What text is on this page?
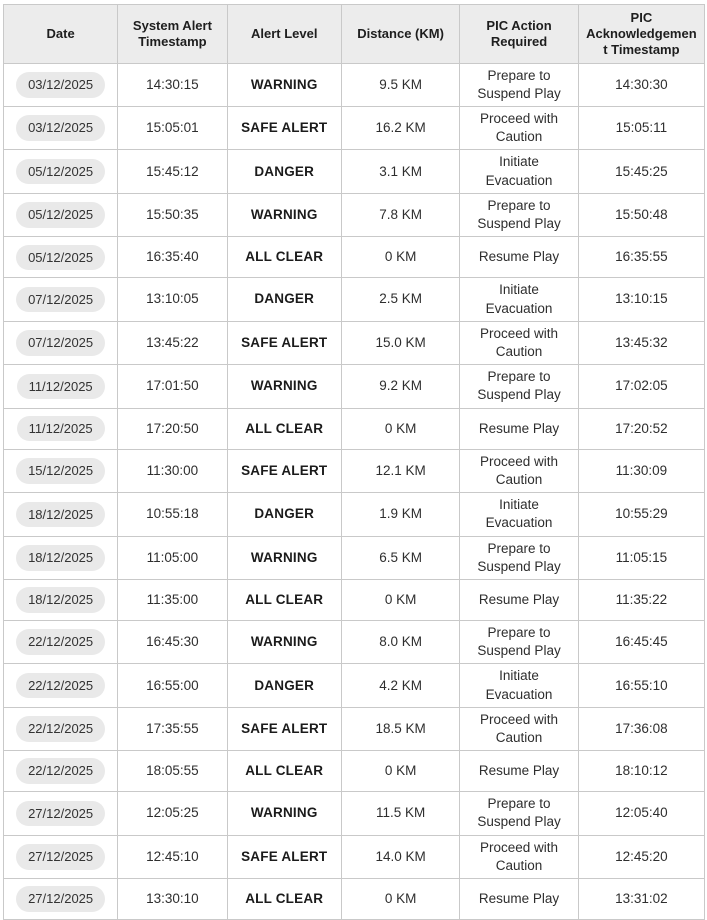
Date	System Alert Timestamp	Alert Level	Distance (KM)	PIC Action Required	PIC Acknowledgement Timestamp
03/12/2025	14:30:15	WARNING	9.5 KM	Prepare to Suspend Play	14:30:30
03/12/2025	15:05:01	SAFE ALERT	16.2 KM	Proceed with Caution	15:05:11
05/12/2025	15:45:12	DANGER	3.1 KM	Initiate Evacuation	15:45:25
05/12/2025	15:50:35	WARNING	7.8 KM	Prepare to Suspend Play	15:50:48
05/12/2025	16:35:40	ALL CLEAR	0 KM	Resume Play	16:35:55
07/12/2025	13:10:05	DANGER	2.5 KM	Initiate Evacuation	13:10:15
07/12/2025	13:45:22	SAFE ALERT	15.0 KM	Proceed with Caution	13:45:32
11/12/2025	17:01:50	WARNING	9.2 KM	Prepare to Suspend Play	17:02:05
11/12/2025	17:20:50	ALL CLEAR	0 KM	Resume Play	17:20:52
15/12/2025	11:30:00	SAFE ALERT	12.1 KM	Proceed with Caution	11:30:09
18/12/2025	10:55:18	DANGER	1.9 KM	Initiate Evacuation	10:55:29
18/12/2025	11:05:00	WARNING	6.5 KM	Prepare to Suspend Play	11:05:15
18/12/2025	11:35:00	ALL CLEAR	0 KM	Resume Play	11:35:22
22/12/2025	16:45:30	WARNING	8.0 KM	Prepare to Suspend Play	16:45:45
22/12/2025	16:55:00	DANGER	4.2 KM	Initiate Evacuation	16:55:10
22/12/2025	17:35:55	SAFE ALERT	18.5 KM	Proceed with Caution	17:36:08
22/12/2025	18:05:55	ALL CLEAR	0 KM	Resume Play	18:10:12
27/12/2025	12:05:25	WARNING	11.5 KM	Prepare to Suspend Play	12:05:40
27/12/2025	12:45:10	SAFE ALERT	14.0 KM	Proceed with Caution	12:45:20
27/12/2025	13:30:10	ALL CLEAR	0 KM	Resume Play	13:31:02
